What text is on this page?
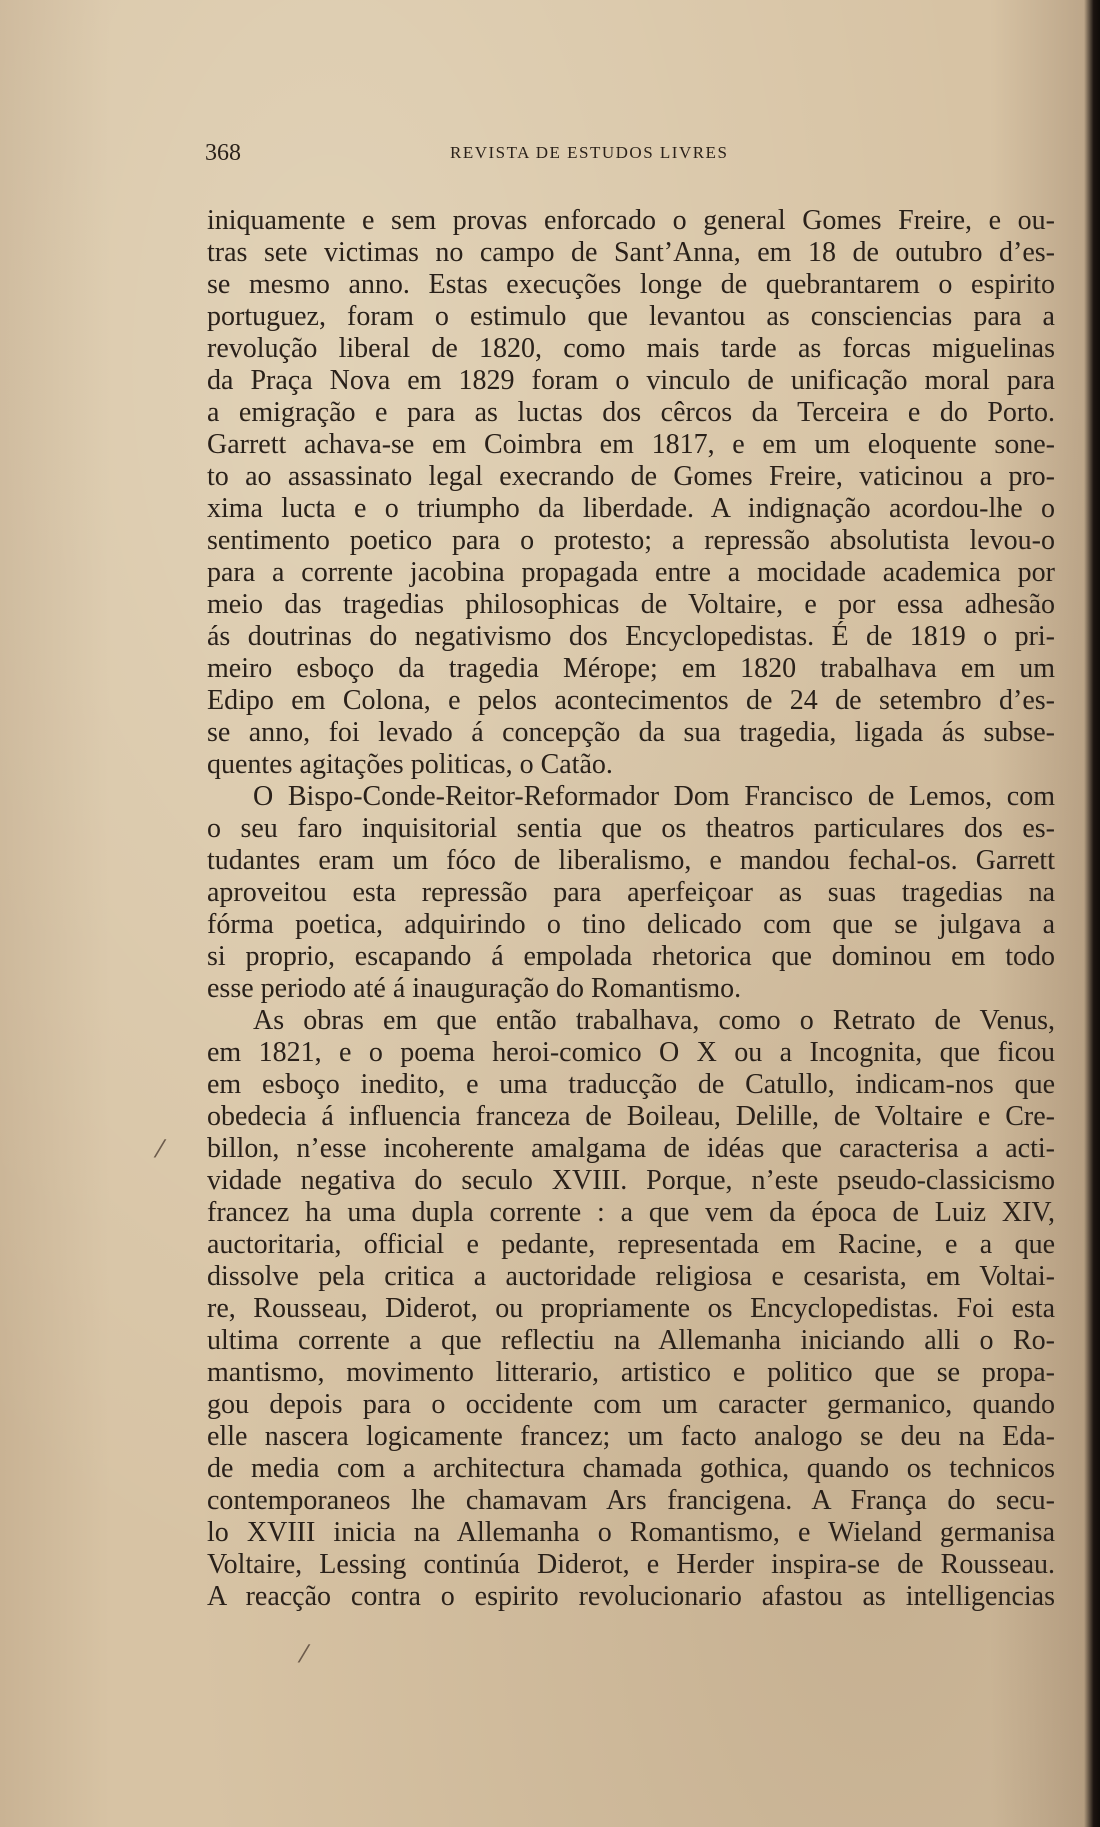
368	REVISTA DE ESTUDOS LIVRES
iniquamente e sem provas enforcado o general Gomes Freire, e ou-
tras sete victimas no campo de Sant’Anna, em 18 de outubro d’es-
se mesmo anno. Estas execuções longe de quebrantarem o espirito
portuguez, foram o estimulo que levantou as consciencias para a
revolução liberal de 1820, como mais tarde as forcas miguelinas
da Praça Nova em 1829 foram o vinculo de unificação moral para
a emigração e para as luctas dos cêrcos da Terceira e do Porto.
Garrett achava-se em Coimbra em 1817, e em um eloquente sone-
to ao assassinato legal execrando de Gomes Freire, vaticinou a pro-
xima lucta e o triumpho da liberdade. A indignação acordou-lhe o
sentimento poetico para o protesto; a repressão absolutista levou-o
para a corrente jacobina propagada entre a mocidade academica por
meio das tragedias philosophicas de Voltaire, e por essa adhesão
ás doutrinas do negativismo dos Encyclopedistas. É de 1819 o pri-
meiro esboço da tragedia Mérope; em 1820 trabalhava em um
Edipo em Colona, e pelos acontecimentos de 24 de setembro d’es-
se anno, foi levado á concepção da sua tragedia, ligada ás subse-
quentes agitações politicas, o Catão.
O Bispo-Conde-Reitor-Reformador Dom Francisco de Lemos, com
o seu faro inquisitorial sentia que os theatros particulares dos es-
tudantes eram um fóco de liberalismo, e mandou fechal-os. Garrett
aproveitou esta repressão para aperfeiçoar as suas tragedias na
fórma poetica, adquirindo o tino delicado com que se julgava a
si proprio, escapando á empolada rhetorica que dominou em todo
esse periodo até á inauguração do Romantismo.
As obras em que então trabalhava, como o Retrato de Venus,
em 1821, e o poema heroi-comico O X ou a Incognita, que ficou
em esboço inedito, e uma traducção de Catullo, indicam-nos que
obedecia á influencia franceza de Boileau, Delille, de Voltaire e Cre-
billon, n’esse incoherente amalgama de idéas que caracterisa a acti-
vidade negativa do seculo XVIII. Porque, n’este pseudo-classicismo
francez ha uma dupla corrente : a que vem da época de Luiz XIV,
auctoritaria, official e pedante, representada em Racine, e a que
dissolve pela critica a auctoridade religiosa e cesarista, em Voltai-
re, Rousseau, Diderot, ou propriamente os Encyclopedistas. Foi esta
ultima corrente a que reflectiu na Allemanha iniciando alli o Ro-
mantismo, movimento litterario, artistico e politico que se propa-
gou depois para o occidente com um caracter germanico, quando
elle nascera logicamente francez; um facto analogo se deu na Eda-
de media com a architectura chamada gothica, quando os technicos
contemporaneos lhe chamavam Ars francigena. A França do secu-
lo XVIII inicia na Allemanha o Romantismo, e Wieland germanisa
Voltaire, Lessing continúa Diderot, e Herder inspira-se de Rousseau.
A reacção contra o espirito revolucionario afastou as intelligencias
⁄
⁄
